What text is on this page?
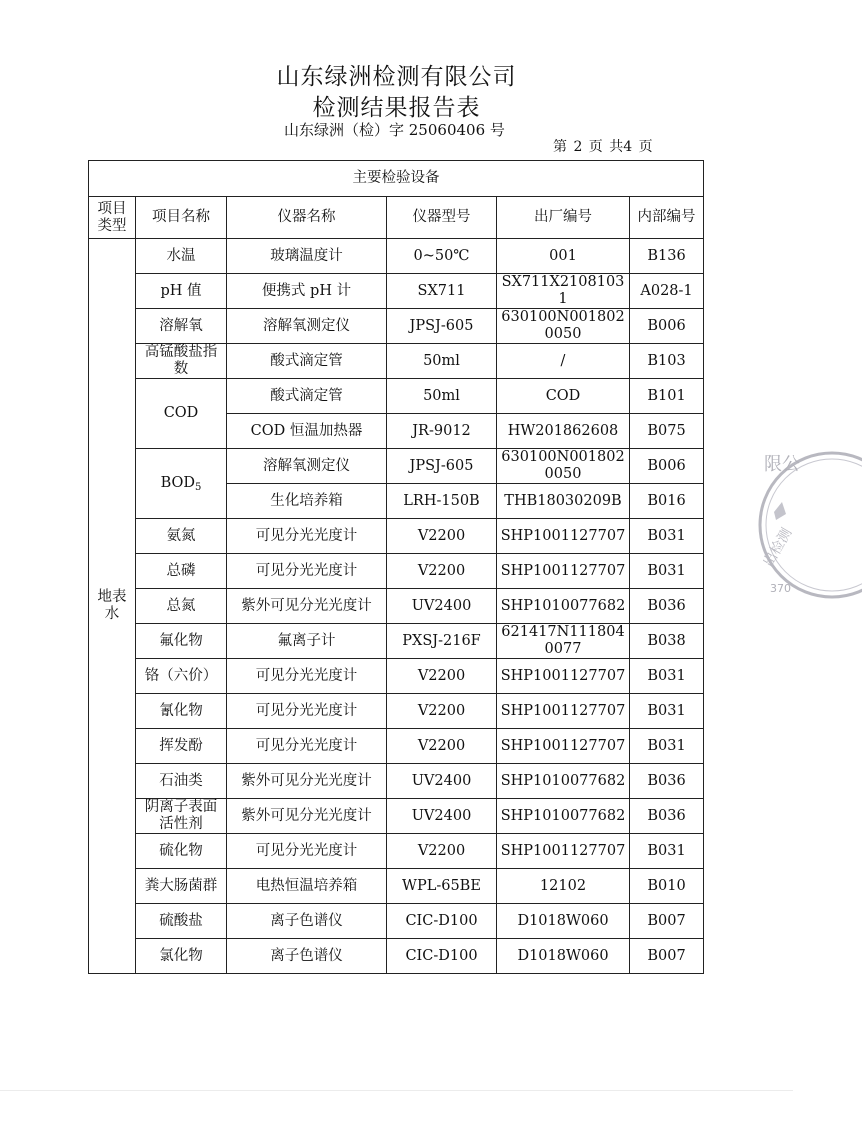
山东绿洲检测有限公司
检测结果报告表
山东绿洲（检）字 25060406 号
第 2 页 共4 页
主要检验设备					
项目类型	项目名称	仪器名称	仪器型号	出厂编号	内部编号
地表水	水温	玻璃温度计	0~50℃	001	B136
	pH 值	便携式 pH 计	SX711	SX711X21081031	A028-1
	溶解氧	溶解氧测定仪	JPSJ-605	630100N0018020050	B006
	高锰酸盐指数	酸式滴定管	50ml	/	B103
	COD	酸式滴定管	50ml	COD	B101
		COD 恒温加热器	JR-9012	HW201862608	B075
	$BOD_5$	溶解氧测定仪	JPSJ-605	630100N0018020050	B006
		生化培养箱	LRH-150B	THB18030209B	B016
	氨氮	可见分光光度计	V2200	SHP1001127707	B031
	总磷	可见分光光度计	V2200	SHP1001127707	B031
	总氮	紫外可见分光光度计	UV2400	SHP1010077682	B036
	氟化物	氟离子计	PXSJ-216F	621417N1118040077	B038
	铬（六价）	可见分光光度计	V2200	SHP1001127707	B031
	氰化物	可见分光光度计	V2200	SHP1001127707	B031
	挥发酚	可见分光光度计	V2200	SHP1001127707	B031
	石油类	紫外可见分光光度计	UV2400	SHP1010077682	B036
	阴离子表面活性剂	紫外可见分光光度计	UV2400	SHP1010077682	B036
	硫化物	可见分光光度计	V2200	SHP1001127707	B031
	粪大肠菌群	电热恒温培养箱	WPL-65BE	12102	B010
	硫酸盐	离子色谱仪	CIC-D100	D1018W060	B007
	氯化物	离子色谱仪	CIC-D100	D1018W060	B007
限公
出检测
370
